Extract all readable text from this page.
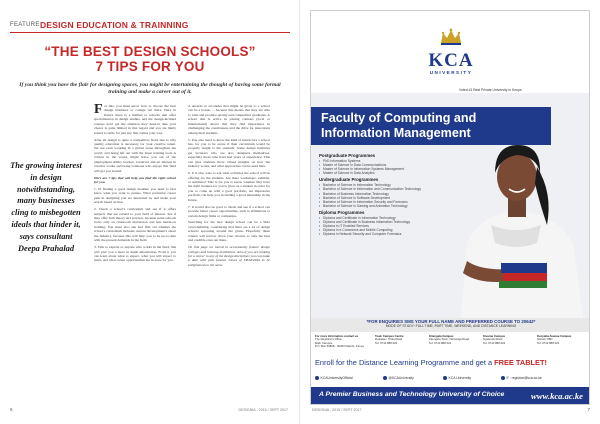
FEATURE DESIGN EDUCATION & TRAINNING
“THE BEST DESIGN SCHOOLS”
7 TIPS FOR YOU
If you think you have the flair for designing spaces, you might be entertaining the thought of having some formal training and make a career out of it.
The growing interest in design notwithstanding, many businesses cling to misbegotten ideals that hinder it, says consultant Deepa Prahalad

For this, you must know how to choose the best design institutes or college out there. Here in Kenya there is a limited to schools that offer specialization in design studies, and the design-inclined courses don't get the attention they deserve thus your choice is quite limited in that regard and you are likely bound to settle for just any that comes your way.

After all design is quite a competitive field, that is why quality education is necessary for your creative talent. We see even working in a global arena throughout the world, and being left out with the latest training tools is critical in the world, might leave you out of the employment ability bracket. Creatives and art interest in creative works and being someone who enjoys that field will get you started.

Here are 7 tips that will help you find the right school for you.

1. In finding a good design institute you need to first know what you want to pursue. What particular career path in designing you are interested in, and make your search based on that.

2. Check a school's curriculum and see if it offers subjects that are related to your field of interest. See if they offer both theory and practice, because some schools focus only on classroom instruction and less hands-on training. You must also ask and find out whether the school's curriculum includes current development's about the industry, because this will help you to be up-to-date with the present demands in the field.

3. Talk to experts or anyone who works in the field, this will give you a more in depth information. From it you can learn about what to expect, what you will expect to learn, and what career opportunities are in store for you.

4. Awards or accolades that might be given to a school can be a bonus, ... because this means that they are able to train and produce quality and competitive graduates. A school that is active in joining contests (local or international) shows that they find importance in challenging the creativeness and the drive for innovation among their students.

5. You also need to know the kind of instructors a school has, for you to be aware if their curriculum would be properly taught to the students. Some design institutes get lecturers who are also designers themselves, especially those who have had years of experience. This can give students more valued insights on how the industry works, and what approaches can be used here.

6. It is also wise to ask what activities the school will be offering for the students. Are there workshops, exhibits, or seminars? This is for you to know whether they have the right avenues for you to grow as a student in order for you to come up with a good portfolio. An impressive portfolio can help you in landing a good internship in the future.

7. It would also be good to check and see if a school can provide better career opportunities, such is affiliations to certain design firms or companies.

Searching for the best design school can be a little overwhelming, considering that there are a lot of design schools sprouting around the globe. Hopefully these criteria will narrow down your choices to only the best and credible ones out there.

On this page we intend to occasionally feature design colleges and training institutions. Also if you are looking for a career in any of the design disciplines you can make a date with past famous issues of DESIGNIA to be enlightened on the same

6	DESIGNIA - 2015 / SEPT 2017
KCA
UNIVERSITY
Voted #1 Best Private University in Kenya
Faculty of Computing and
Information Management
Postgraduate Programmes
• PhD Information Systems
• Master of Science in Data Communications
• Master of Science in Information Systems Management
• Master of Science in Data Analytics
Undergraduate Programmes
• Bachelor of Science in Information Technology
• Bachelor of Science in Information and Communication Technology
• Bachelor of Business Information Technology
• Bachelor of Science in Software Development
• Bachelor of Science in Information Security and Forensics
• Bachelor of Science in Gaming and Animation Technology
Diploma Programmes
• Diploma and Certificate in Information Technology
• Diploma and Certificate in Business Information Technology
• Diploma in IT Enabled Services
• Diploma in e-Commerce and Mobile Computing
• Diploma in Network Security and Computer Forensics
*FOR ENQUIRIES SMS YOUR FULL NAME AND PREFERRED COURSE TO 20642*
MODE OF STUDY: FULL TIME, PART TIME, WEEKEND, AND DISTANCE LEARNING
For more information contact us
The Registrar's Office,
Main Campus
P.O. Box 56808 - 00200 Nairobi, Kenya
Town Campus Centre
Ruaraka / Thika Road
Tel: 0710 888 022
Kitengela Campus
Kitengela Town, Namanga Road
Tel: 0710 888 022
Kisumu Campus
Nyalenda Road
Tel: 0710 888 022
Kenyatta Avenue Campus
Nairobi CBD
Tel: 0710 888 022
Enroll for the Distance Learning Programme and get a FREE TABLET!
KCAUniversityOfficial	@KCAUniversity	KCA University	E : registrar@kca.ac.ke
A Premier Business and Technology University of Choice	www.kca.ac.ke
DESIGNIA - 2015 / SEPT 2017	7
